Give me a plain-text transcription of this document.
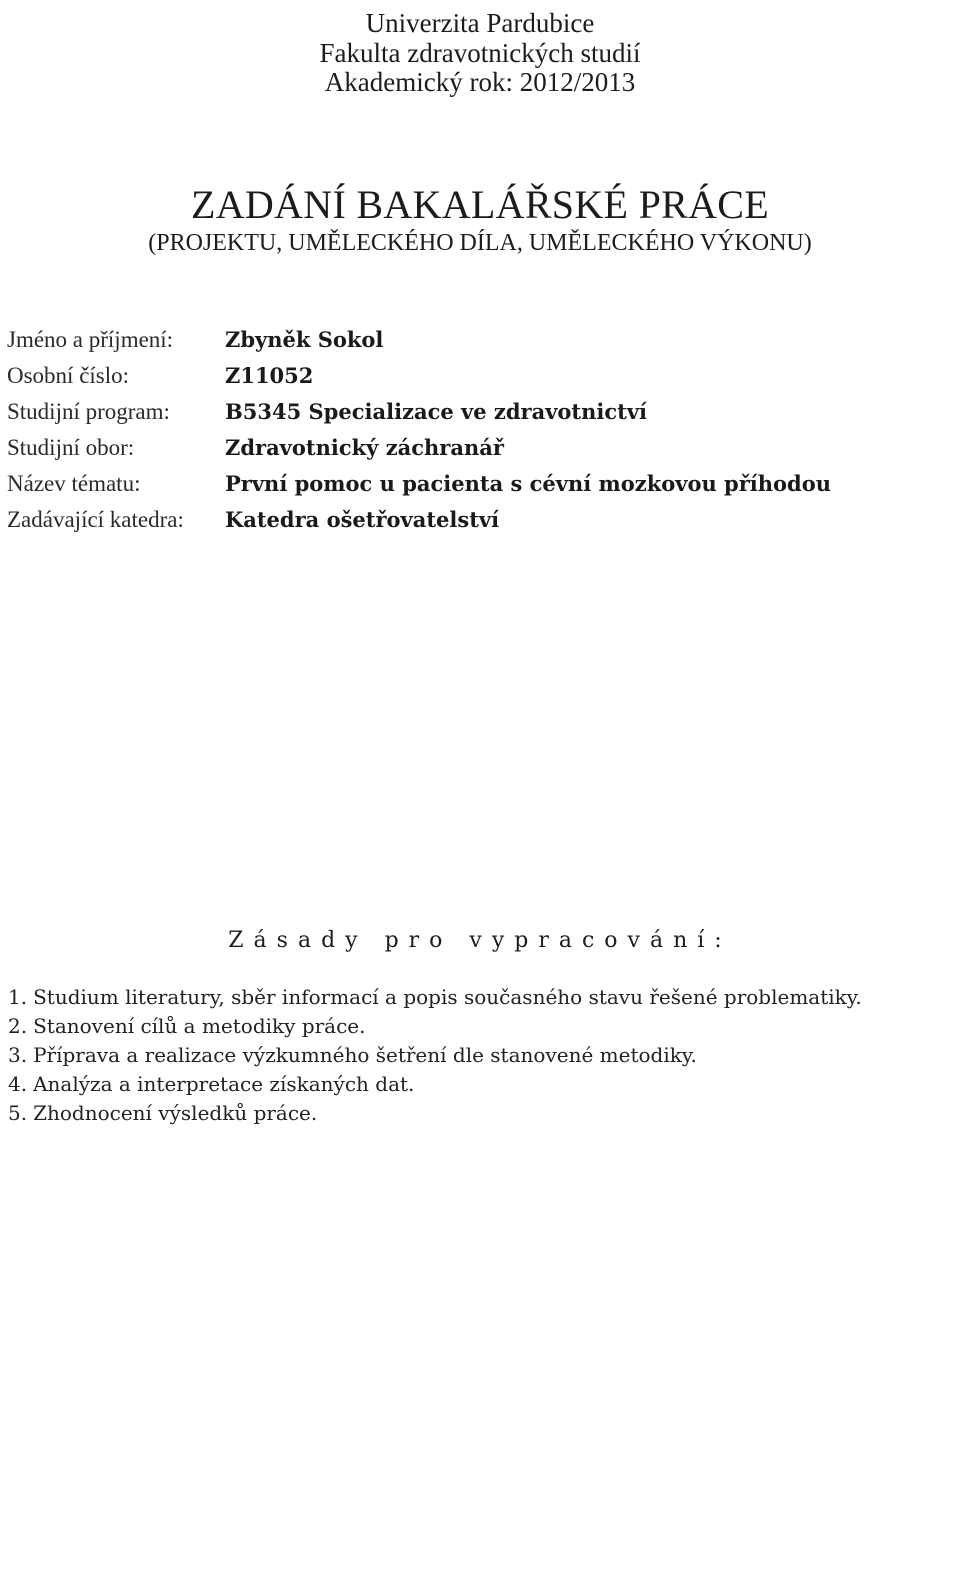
Univerzita Pardubice
Fakulta zdravotnických studií
Akademický rok: 2012/2013
ZADÁNÍ BAKALÁŘSKÉ PRÁCE
(PROJEKTU, UMĚLECKÉHO DÍLA, UMĚLECKÉHO VÝKONU)
Jméno a příjmení:	Zbyněk Sokol
Osobní číslo:	Z11052
Studijní program:	B5345 Specializace ve zdravotnictví
Studijní obor:	Zdravotnický záchranář
Název tématu:	První pomoc u pacienta s cévní mozkovou příhodou
Zadávající katedra:	Katedra ošetřovatelství
Zásady pro vypracování:
1. Studium literatury, sběr informací a popis současného stavu řešené problematiky.
2. Stanovení cílů a metodiky práce.
3. Příprava a realizace výzkumného šetření dle stanovené metodiky.
4. Analýza a interpretace získaných dat.
5. Zhodnocení výsledků práce.
